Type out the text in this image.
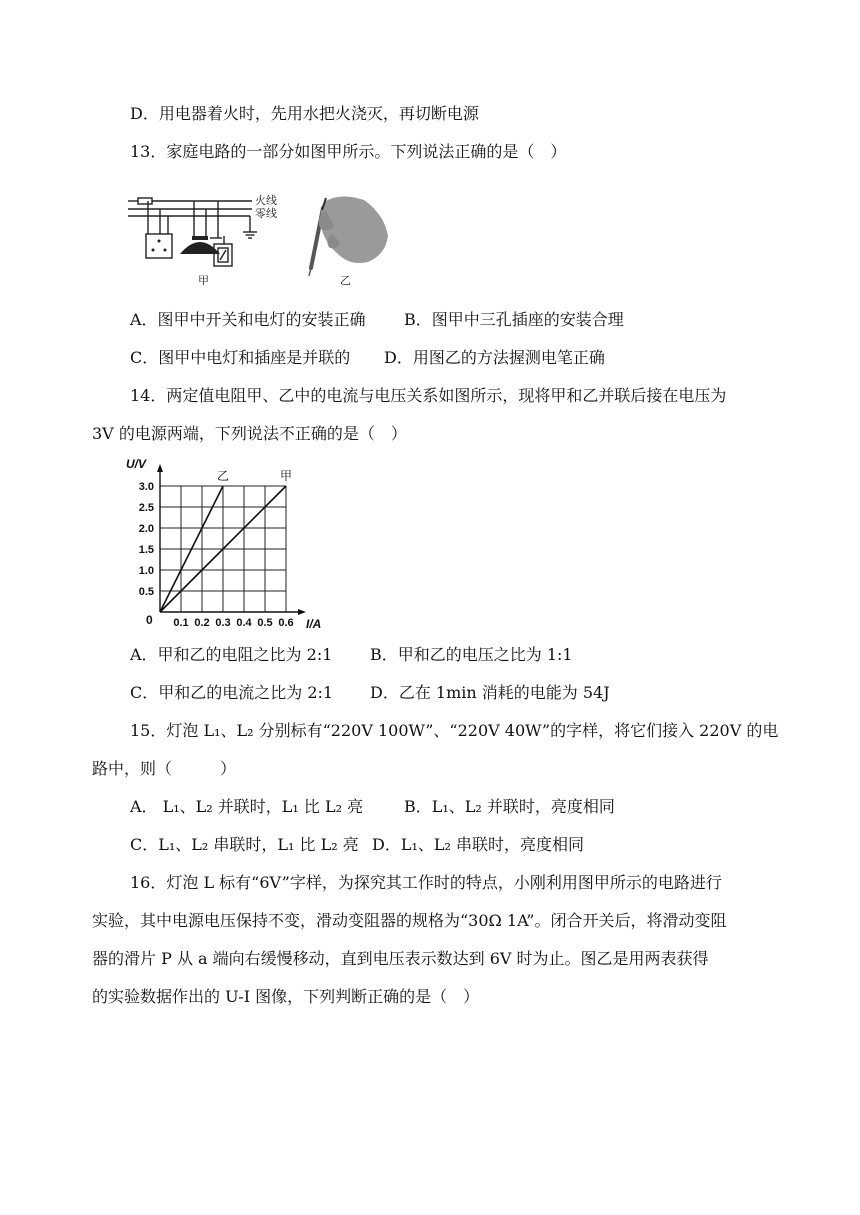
D．用电器着火时，先用水把火浇灭，再切断电源
13．家庭电路的一部分如图甲所示。下列说法正确的是（　）
火线
零线
甲	乙
A．图甲中开关和电灯的安装正确 B．图甲中三孔插座的安装合理
C．图甲中电灯和插座是并联的 D．用图乙的方法握测电笔正确
14．两定值电阻甲、乙中的电流与电压关系如图所示，现将甲和乙并联后接在电压为
3V 的电源两端，下列说法不正确的是（　）
0.1 0.2 0.3 0.4 0.5 0.6
0.5
1.0
1.5
2.0
2.5
3.0
乙	甲
U/V
I/A
0
A．甲和乙的电阻之比为 2:1 B．甲和乙的电压之比为 1:1
C．甲和乙的电流之比为 2:1 D．乙在 1min 消耗的电能为 54J
15．灯泡 L₁、L₂ 分别标有“220V 100W”、“220V 40W”的字样，将它们接入 220V 的电
路中，则（　　　）
A． L₁、L₂ 并联时，L₁ 比 L₂ 亮	B．L₁、L₂ 并联时，亮度相同
C．L₁、L₂ 串联时，L₁ 比 L₂ 亮 D．L₁、L₂ 串联时，亮度相同
16．灯泡 L 标有“6V”字样，为探究其工作时的特点，小刚利用图甲所示的电路进行
实验，其中电源电压保持不变，滑动变阻器的规格为“30Ω 1A”。闭合开关后，将滑动变阻
器的滑片 P 从 a 端向右缓慢移动，直到电压表示数达到 6V 时为止。图乙是用两表获得
的实验数据作出的 U-I 图像，下列判断正确的是（　）
